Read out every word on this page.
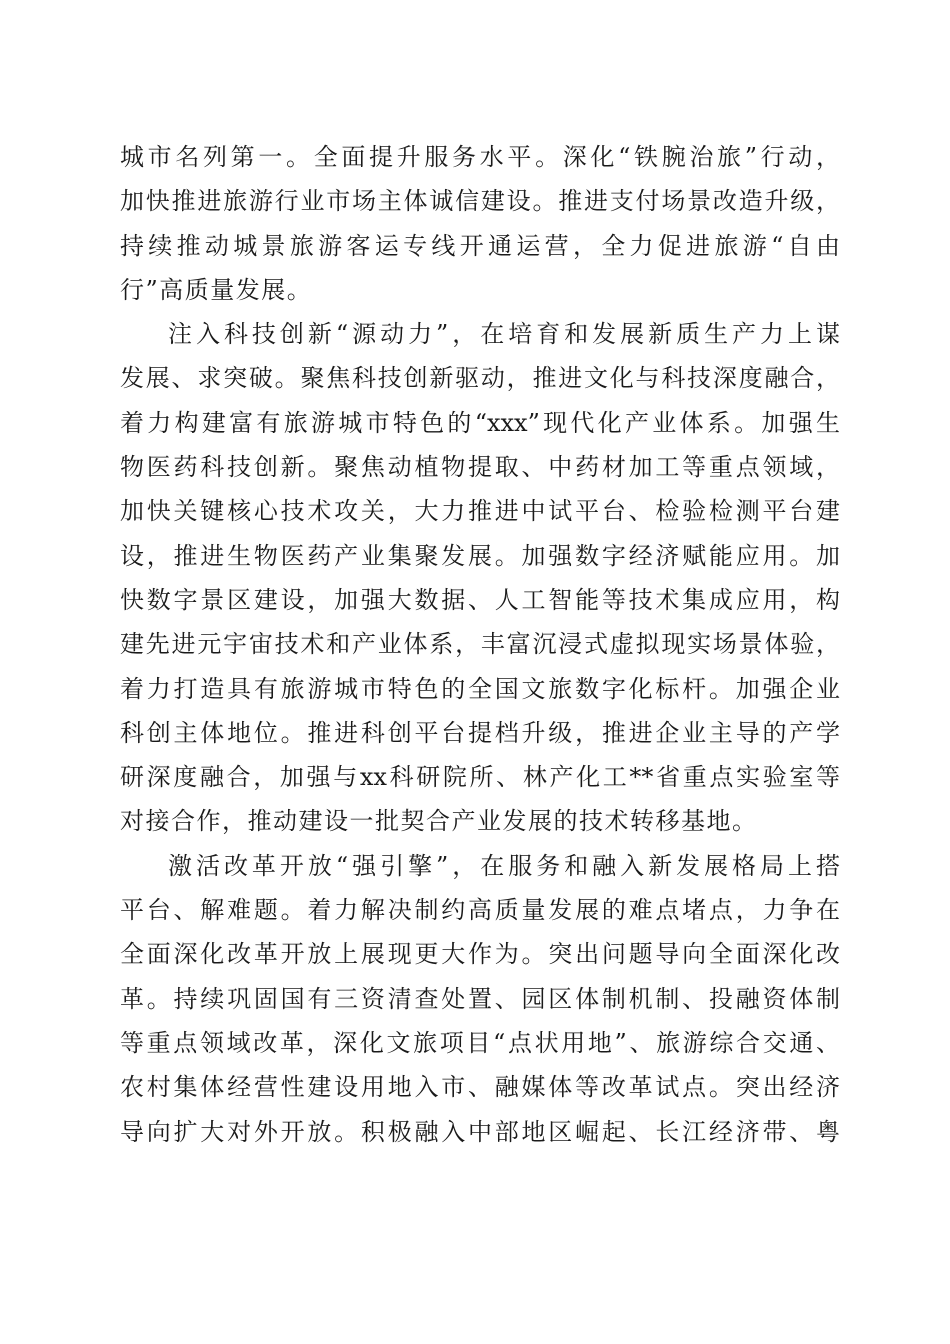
城市名列第一。全面提升服务水平。深化“铁腕治旅”行动，
加快推进旅游行业市场主体诚信建设。推进支付场景改造升级，
持续推动城景旅游客运专线开通运营，全力促进旅游“自由
行”高质量发展。
注入科技创新“源动力”，在培育和发展新质生产力上谋
发展、求突破。聚焦科技创新驱动，推进文化与科技深度融合，
着力构建富有旅游城市特色的“xxx”现代化产业体系。加强生
物医药科技创新。聚焦动植物提取、中药材加工等重点领域，
加快关键核心技术攻关，大力推进中试平台、检验检测平台建
设，推进生物医药产业集聚发展。加强数字经济赋能应用。加
快数字景区建设，加强大数据、人工智能等技术集成应用，构
建先进元宇宙技术和产业体系，丰富沉浸式虚拟现实场景体验，
着力打造具有旅游城市特色的全国文旅数字化标杆。加强企业
科创主体地位。推进科创平台提档升级，推进企业主导的产学
研深度融合，加强与xx科研院所、林产化工**省重点实验室等
对接合作，推动建设一批契合产业发展的技术转移基地。
激活改革开放“强引擎”，在服务和融入新发展格局上搭
平台、解难题。着力解决制约高质量发展的难点堵点，力争在
全面深化改革开放上展现更大作为。突出问题导向全面深化改
革。持续巩固国有三资清查处置、园区体制机制、投融资体制
等重点领域改革，深化文旅项目“点状用地”、旅游综合交通、
农村集体经营性建设用地入市、融媒体等改革试点。突出经济
导向扩大对外开放。积极融入中部地区崛起、长江经济带、粤
